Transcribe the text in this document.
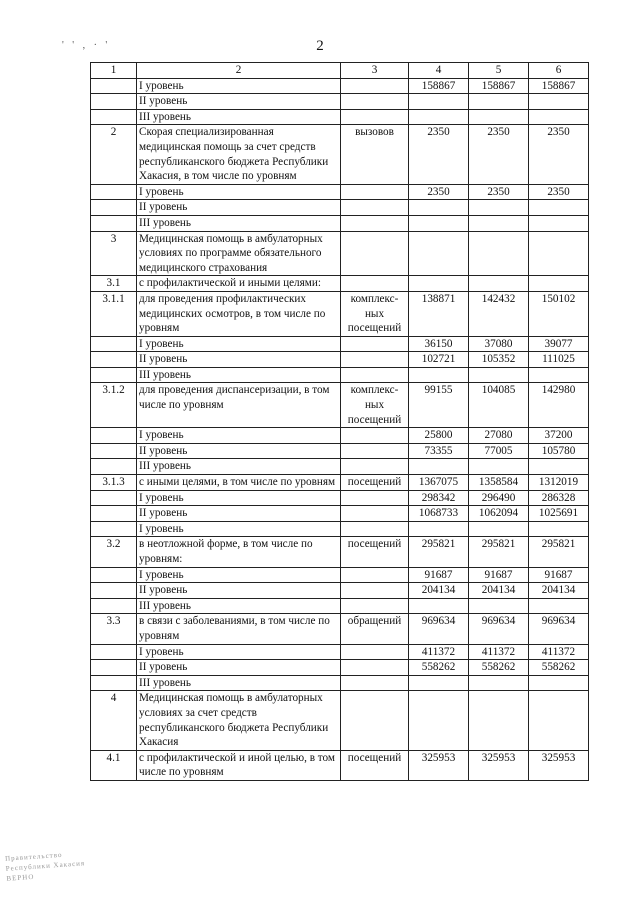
' ' , · '	2
1	2	3	4	5	6
	I уровень		158867	158867	158867
	II уровень				
	III уровень				
2	Скорая специализированная медицинская помощь за счет средств республиканского бюджета Республики Хакасия, в том числе по уровням	вызовов	2350	2350	2350
	I уровень		2350	2350	2350
	II уровень				
	III уровень				
3	Медицинская помощь в амбулаторных условиях по программе обязательного медицинского страхования				
3.1	с профилактической и иными целями:				
3.1.1	для проведения профилактических медицинских осмотров, в том числе по уровням	комплекс- ных посещений	138871	142432	150102
	I уровень		36150	37080	39077
	II уровень		102721	105352	111025
	III уровень				
3.1.2	для проведения диспансеризации, в том числе по уровням	комплекс- ных посещений	99155	104085	142980
	I уровень		25800	27080	37200
	II уровень		73355	77005	105780
	III уровень				
3.1.3	с иными целями, в том числе по уровням	посещений	1367075	1358584	1312019
	I уровень		298342	296490	286328
	II уровень		1068733	1062094	1025691
	I уровень				
3.2	в неотложной форме, в том числе по уровням:	посещений	295821	295821	295821
	I уровень		91687	91687	91687
	II уровень		204134	204134	204134
	III уровень				
3.3	в связи с заболеваниями, в том числе по уровням	обращений	969634	969634	969634
	I уровень		411372	411372	411372
	II уровень		558262	558262	558262
	III уровень				
4	Медицинская помощь в амбулаторных условиях за счет средств республиканского бюджета Республики Хакасия				
4.1	с профилактической и иной целью, в том числе по уровням	посещений	325953	325953	325953
Правительство
Республики Хакасия
ВЕРНО
